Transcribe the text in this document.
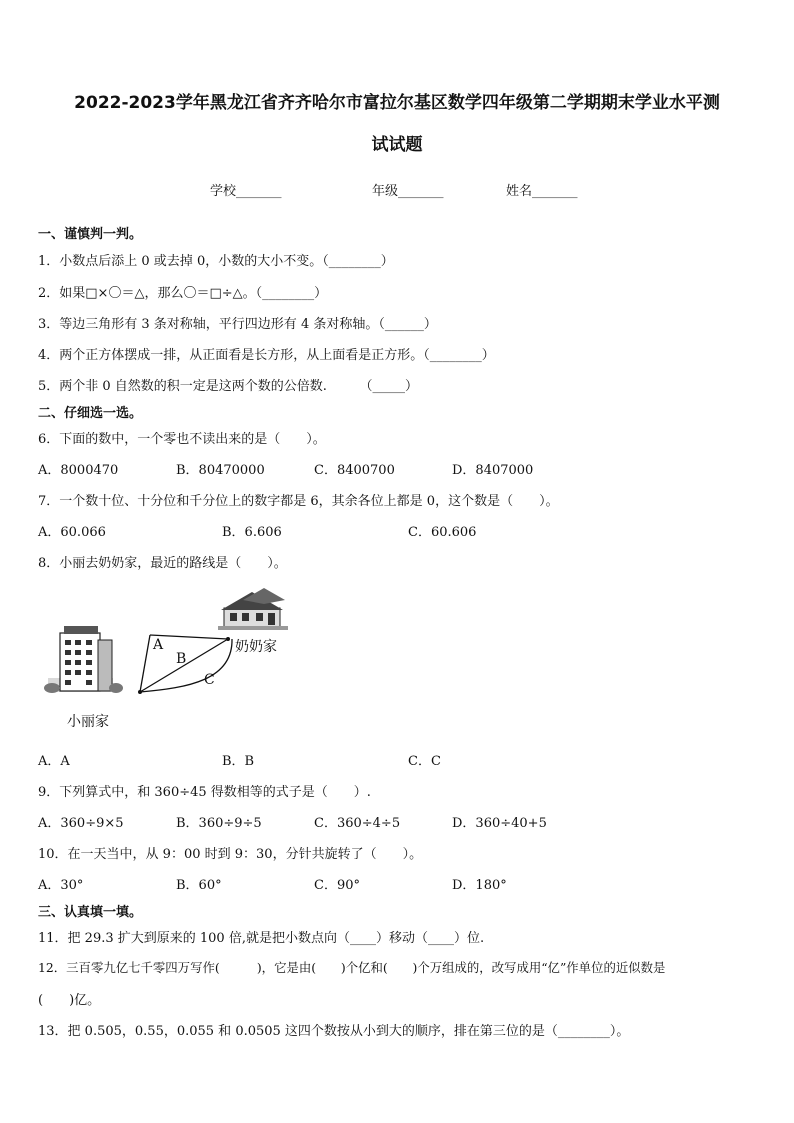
2022-2023学年黑龙江省齐齐哈尔市富拉尔基区数学四年级第二学期期末学业水平测
试试题
学校_______	年级_______	姓名_______
一、谨慎判一判。
1．小数点后添上 0 或去掉 0，小数的大小不变。（________）
2．如果□×〇＝△，那么〇＝□÷△。（________）
3．等边三角形有 3 条对称轴，平行四边形有 4 条对称轴。（______）
4．两个正方体摆成一排，从正面看是长方形，从上面看是正方形。（________）
5．两个非 0 自然数的积一定是这两个数的公倍数.　　　（_____）
二、仔细选一选。
6．下面的数中，一个零也不读出来的是（　　）。
A．8000470	B．80470000	C．8400700	D．8407000
7．一个数十位、十分位和千分位上的数字都是 6，其余各位上都是 0，这个数是（　　）。
A．60.066	B．6.606	C．60.606
8．小丽去奶奶家，最近的路线是（　　）。
A
B
C
奶奶家
小丽家
A．A	B．B	C．C
9．下列算式中，和 360÷45 得数相等的式子是（　　）.
A．360÷9×5	B．360÷9÷5	C．360÷4÷5	D．360÷40+5
10．在一天当中，从 9：00 时到 9：30，分针共旋转了（　　）。
A．30°	B．60°	C．90°	D．180°
三、认真填一填。
11．把 29.3 扩大到原来的 100 倍,就是把小数点向（____）移动（____）位.
12．三百零九亿七千零四万写作(　　　)，它是由(　　)个亿和(　　)个万组成的，改写成用“亿”作单位的近似数是
(　　)亿。
13．把 0.505，0.55，0.055 和 0.0505 这四个数按从小到大的顺序，排在第三位的是（________）。
